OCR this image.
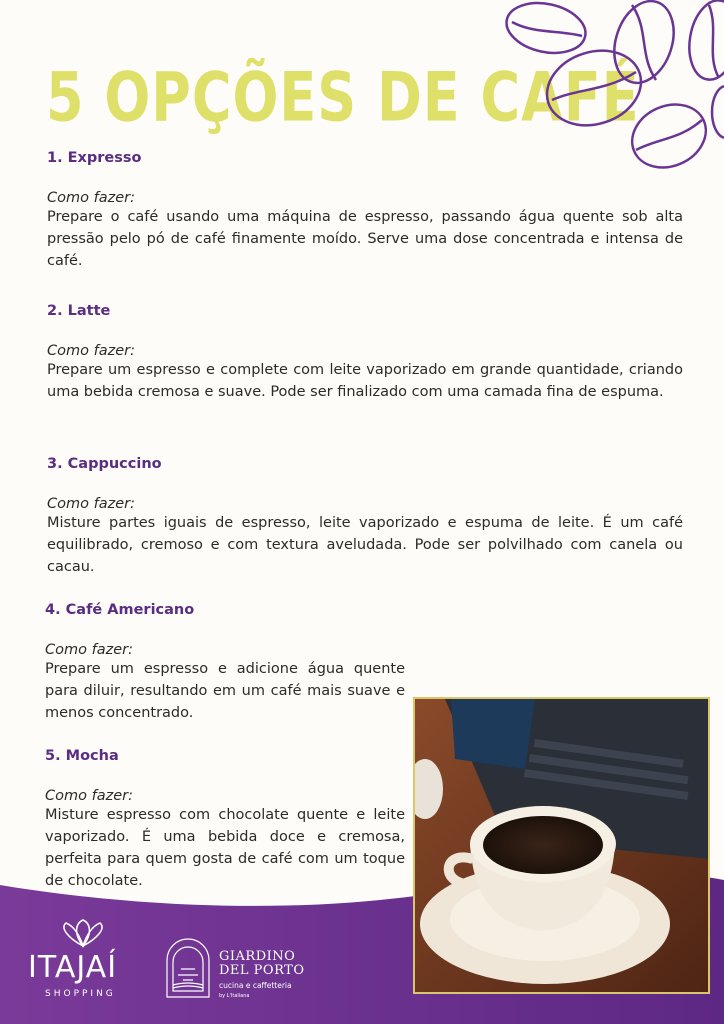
5 OPÇÕES DE CAFÉ

1. Expresso

Como fazer:
Prepare o café usando uma máquina de espresso, passando água quente sob alta pressão pelo pó de café finamente moído. Serve uma dose concentrada e intensa de café.

2. Latte

Como fazer:
Prepare um espresso e complete com leite vaporizado em grande quantidade, criando uma bebida cremosa e suave. Pode ser finalizado com uma camada fina de espuma.

3. Cappuccino

Como fazer:
Misture partes iguais de espresso, leite vaporizado e espuma de leite. É um café equilibrado, cremoso e com textura aveludada. Pode ser polvilhado com canela ou cacau.

4. Café Americano

Como fazer:
Prepare um espresso e adicione água quente para diluir, resultando em um café mais suave e menos concentrado.

5. Mocha

Como fazer:
Misture espresso com chocolate quente e leite vaporizado. É uma bebida doce e cremosa, perfeita para quem gosta de café com um toque de chocolate.
ITAJAÍ
SHOPPING
GIARDINO
DEL PORTO
cucina e caffetteria
by L'Italiana
